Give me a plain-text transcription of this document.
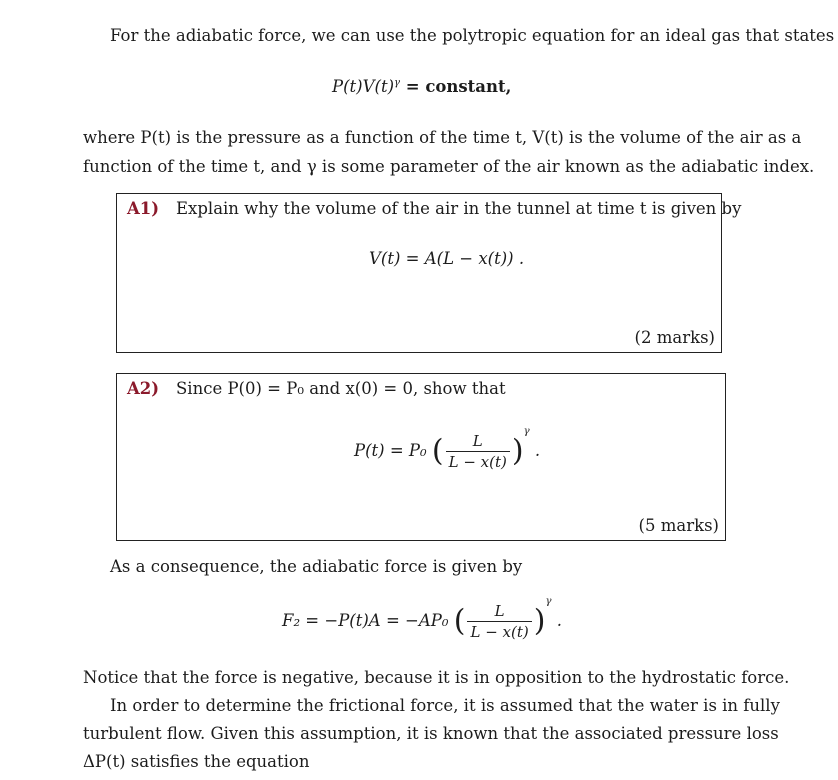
For the adiabatic force, we can use the polytropic equation for an ideal gas that states
$P(t)V(t)^\gamma$ = constant,
where P(t) is the pressure as a function of the time t, V(t) is the volume of the air as a
function of the time t, and γ is some parameter of the air known as the adiabatic index.
A1) Explain why the volume of the air in the tunnel at time t is given by
V(t) = A(L − x(t)) .
(2 marks)
A2) Since P(0) = P₀ and x(0) = 0, show that
P(t) = P₀ ( $\frac{L}{L - x(t)} )^\gamma$ .
(5 marks)
As a consequence, the adiabatic force is given by
F₂ = −P(t)A = −AP₀ ( $\frac{L}{L - x(t)} )^\gamma$ .
Notice that the force is negative, because it is in opposition to the hydrostatic force.
In order to determine the frictional force, it is assumed that the water is in fully
turbulent flow. Given this assumption, it is known that the associated pressure loss
ΔP(t) satisfies the equation
